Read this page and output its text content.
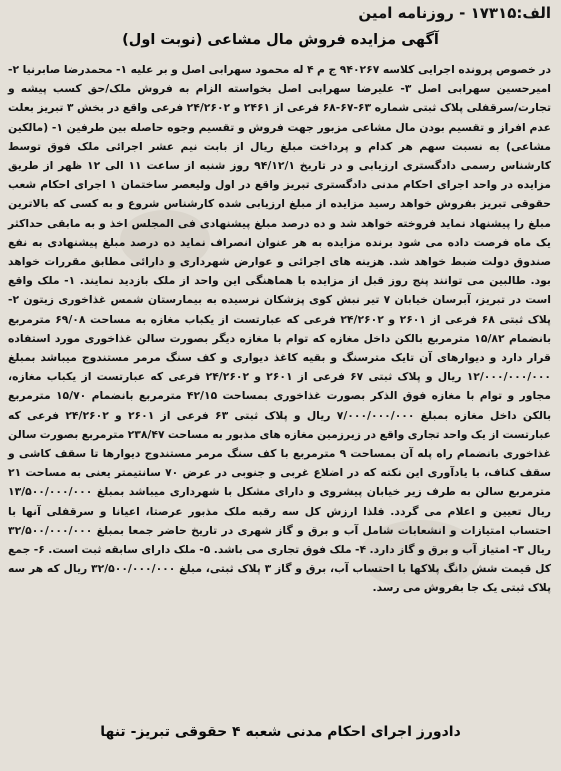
الف:۱۷۳۱۵ - روزنامه امین
آگهی مزایده فروش مال مشاعی (نوبت اول)
در خصوص پرونده اجرایی کلاسه ۹۴۰۲۶۷ ج م ۴ له محمود سهرابی اصل و بر علیه ۱- محمدرضا صابرنیا ۲- امیرحسین سهرابی اصل ۳- علیرضا سهرابی اصل بخواسته الزام به فروش ملک/حق کسب پیشه و تجارت/سرقفلی پلاک ثبتی شماره ۶۳-۶۷-۶۸ فرعی از ۲۴۶۱ و ۲۴/۲۶۰۲ فرعی واقع در بخش ۳ تبریز بعلت عدم افراز و تقسیم بودن مال مشاعی مزبور جهت فروش و تقسیم وجوه حاصله بین طرفین ۱- (مالکین مشاعی) به نسبت سهم هر کدام و پرداخت مبلغ ریال از بابت نیم عشر اجرائی ملک فوق توسط کارشناس رسمی دادگستری ارزیابی و در تاریخ ۹۴/۱۲/۱ روز شنبه از ساعت ۱۱ الی ۱۲ ظهر از طریق مزایده در واحد اجرای احکام مدنی دادگستری تبریز واقع در اول ولیعصر ساختمان ۱ اجرای احکام شعب حقوقی تبریز بفروش خواهد رسید مزایده از مبلغ ارزیابی شده کارشناس شروع و به کسی که بالاترین مبلغ را پیشنهاد نماید فروخته خواهد شد و ده درصد مبلغ پیشنهادی فی المجلس اخذ و به مابقی حداکثر یک ماه فرصت داده می شود برنده مزایده به هر عنوان انصراف نماید ده درصد مبلغ پیشنهادی به نفع صندوق دولت ضبط خواهد شد. هزینه های اجرائی و عوارض شهرداری و دارائی مطابق مقررات خواهد بود. طالبین می توانند پنج روز قبل از مزایده با هماهنگی این واحد از ملک بازدید نمایند. ۱- ملک واقع است در تبریز، آبرسان خیابان ۷ تیر نبش کوی پزشکان نرسیده به بیمارستان شمس غذاخوری زیتون ۲- پلاک ثبتی ۶۸ فرعی از ۲۶۰۱ و ۲۴/۲۶۰۲ فرعی که عبارتست از یکباب مغازه به مساحت ۶۹/۰۸ مترمربع بانضمام ۱۵/۸۲ مترمربع بالکن داخل مغازه که توام با مغازه دیگر بصورت سالن غذاخوری مورد استفاده قرار دارد و دیوارهای آن تایک مترسنگ و بقیه کاغذ دیواری و کف سنگ مرمر مستندوج میباشد بمبلغ ۱۲/۰۰۰/۰۰۰/۰۰۰ ریال و پلاک ثبتی ۶۷ فرعی از ۲۶۰۱ و ۲۴/۲۶۰۲ فرعی که عبارتست از یکباب مغازه، مجاور و توام با مغازه فوق الذکر بصورت غذاخوری بمساحت ۴۲/۱۵ مترمربع بانضمام ۱۵/۷۰ مترمربع بالکن داخل مغازه بمبلغ ۷/۰۰۰/۰۰۰/۰۰۰ ریال و پلاک ثبتی ۶۳ فرعی از ۲۶۰۱ و ۲۴/۲۶۰۲ فرعی که عبارتست از یک واحد تجاری واقع در زیرزمین مغازه های مذبور به مساحت ۲۳۸/۴۷ مترمربع بصورت سالن غذاخوری بانضمام راه پله آن بمساحت ۹ مترمربع با کف سنگ مرمر مستندوج دیوارها تا سقف کاشی و سقف کناف، با یادآوری این نکته که در اضلاع غربی و جنوبی در عرض ۷۰ سانتیمتر یعنی به مساحت ۲۱ مترمربع سالن به طرف زیر خیابان پیشروی و دارای مشکل با شهرداری میباشد بمبلغ ۱۳/۵۰۰/۰۰۰/۰۰۰ ریال تعیین و اعلام می گردد. فلذا ارزش کل سه رقبه ملک مذبور عرصتا، اعیانا و سرقفلی آنها با احتساب امتیازات و انشعابات شامل آب و برق و گاز شهری در تاریخ حاضر جمعا بمبلغ ۳۲/۵۰۰/۰۰۰/۰۰۰ ریال ۳- امتیاز آب و برق و گاز دارد. ۴- ملک فوق تجاری می باشد. ۵- ملک دارای سابقه ثبت است. ۶- جمع کل قیمت شش دانگ پلاکها با احتساب آب، برق و گاز ۳ پلاک ثبتی، مبلغ ۳۲/۵۰۰/۰۰۰/۰۰۰ ریال که هر سه پلاک ثبتی یک جا بفروش می رسد.
دادورز اجرای احکام مدنی شعبه ۴ حقوقی تبریز- تنها
